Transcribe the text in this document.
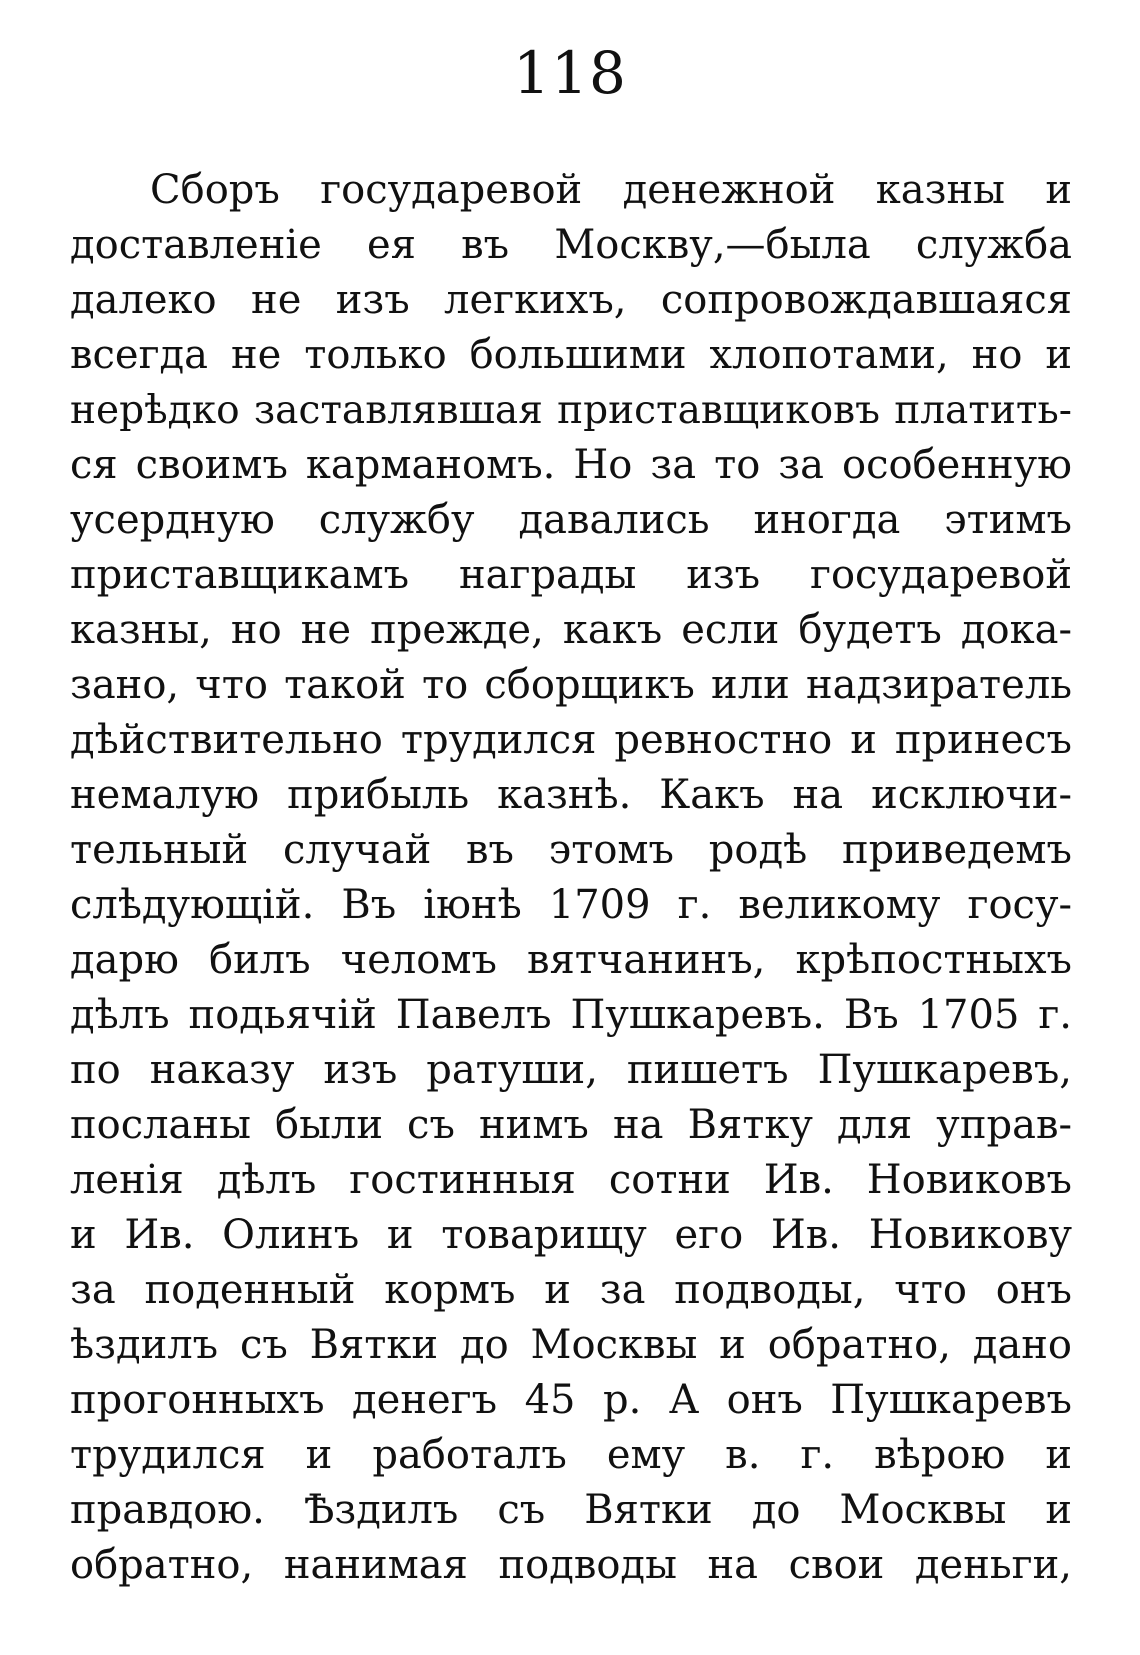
118
Сборъ государевой денежной казны и
доставленіе ея въ Москву,—была служба
далеко не изъ легкихъ, сопровождавшаяся
всегда не только большими хлопотами, но и
нерѣдко заставлявшая приставщиковъ платить-
ся своимъ карманомъ. Но за то за особенную
усердную службу давались иногда этимъ
приставщикамъ награды изъ государевой
казны, но не прежде, какъ если будетъ дока-
зано, что такой то сборщикъ или надзиратель
дѣйствительно трудился ревностно и принесъ
немалую прибыль казнѣ. Какъ на исключи-
тельный случай въ этомъ родѣ приведемъ
слѣдующій. Въ іюнѣ 1709 г. великому госу-
дарю билъ челомъ вятчанинъ, крѣпостныхъ
дѣлъ подьячій Павелъ Пушкаревъ. Въ 1705 г.
по наказу изъ ратуши, пишетъ Пушкаревъ,
посланы были съ нимъ на Вятку для управ-
ленія дѣлъ гостинныя сотни Ив. Новиковъ
и Ив. Олинъ и товарищу его Ив. Новикову
за поденный кормъ и за подводы, что онъ
ѣздилъ съ Вятки до Москвы и обратно, дано
прогонныхъ денегъ 45 р. А онъ Пушкаревъ
трудился и работалъ ему в. г. вѣрою и
правдою. Ѣздилъ съ Вятки до Москвы и
обратно, нанимая подводы на свои деньги,
